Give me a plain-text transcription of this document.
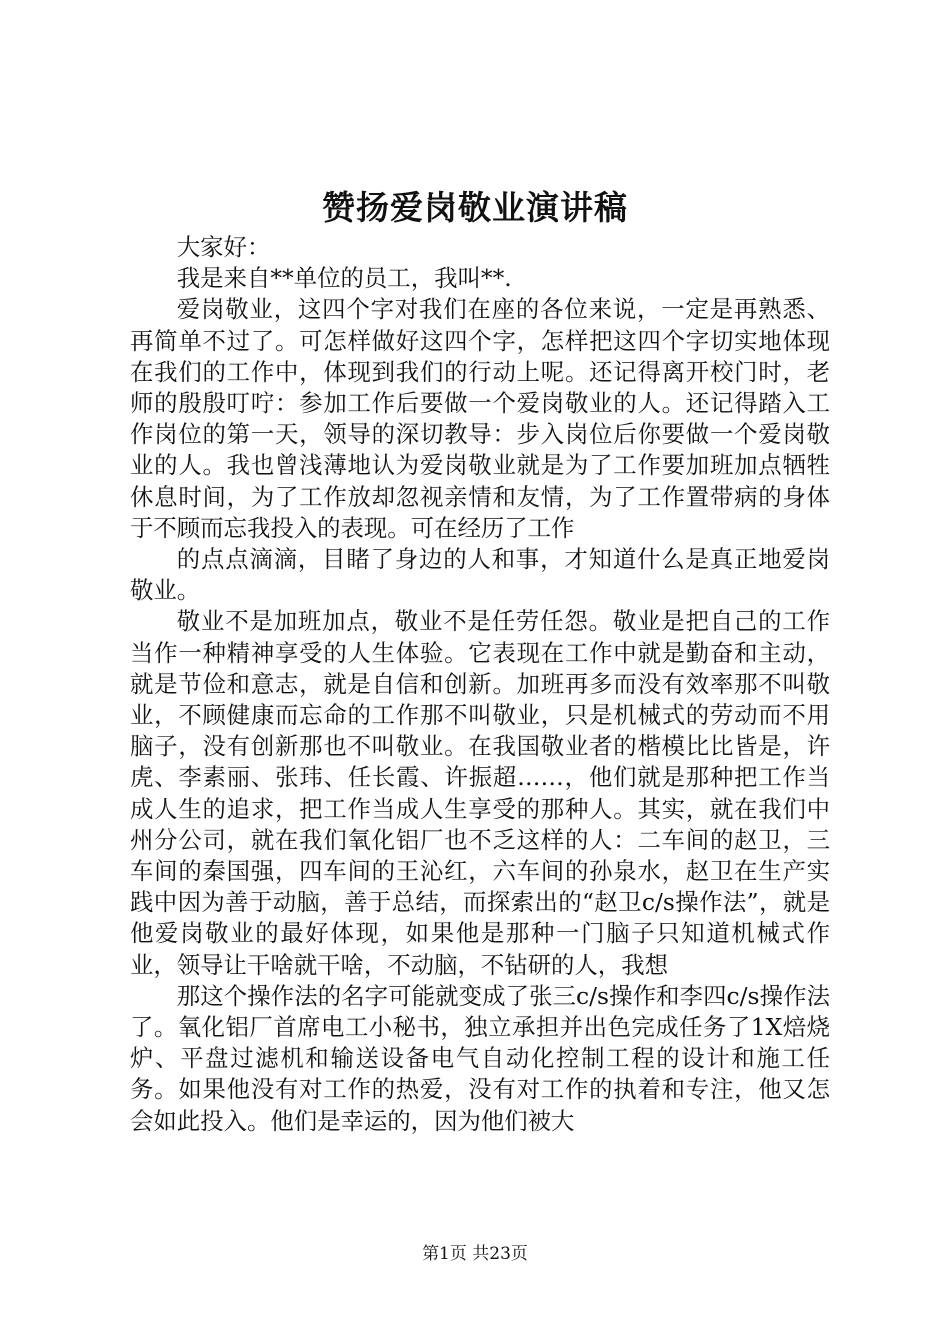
赞扬爱岗敬业演讲稿

大家好：

我是来自**单位的员工，我叫**.

爱岗敬业，这四个字对我们在座的各位来说，一定是再熟悉、再简单不过了。可怎样做好这四个字，怎样把这四个字切实地体现在我们的工作中，体现到我们的行动上呢。还记得离开校门时，老师的殷殷叮咛：参加工作后要做一个爱岗敬业的人。还记得踏入工作岗位的第一天，领导的深切教导：步入岗位后你要做一个爱岗敬业的人。我也曾浅薄地认为爱岗敬业就是为了工作要加班加点牺牲休息时间，为了工作放却忽视亲情和友情，为了工作置带病的身体于不顾而忘我投入的表现。可在经历了工作

的点点滴滴，目睹了身边的人和事，才知道什么是真正地爱岗敬业。

敬业不是加班加点，敬业不是任劳任怨。敬业是把自己的工作当作一种精神享受的人生体验。它表现在工作中就是勤奋和主动，就是节俭和意志，就是自信和创新。加班再多而没有效率那不叫敬业，不顾健康而忘命的工作那不叫敬业，只是机械式的劳动而不用脑子，没有创新那也不叫敬业。在我国敬业者的楷模比比皆是，许虎、李素丽、张玮、任长霞、许振超……，他们就是那种把工作当成人生的追求，把工作当成人生享受的那种人。其实，就在我们中州分公司，就在我们氧化铝厂也不乏这样的人：二车间的赵卫，三车间的秦国强，四车间的王沁红，六车间的孙泉水，赵卫在生产实践中因为善于动脑，善于总结，而探索出的“赵卫c/s操作法”，就是他爱岗敬业的最好体现，如果他是那种一门脑子只知道机械式作业，领导让干啥就干啥，不动脑，不钻研的人，我想

那这个操作法的名字可能就变成了张三c/s操作和李四c/s操作法了。氧化铝厂首席电工小秘书，独立承担并出色完成任务了1X焙烧炉、平盘过滤机和输送设备电气自动化控制工程的设计和施工任务。如果他没有对工作的热爱，没有对工作的执着和专注，他又怎会如此投入。他们是幸运的，因为他们被大

第1页 共23页
